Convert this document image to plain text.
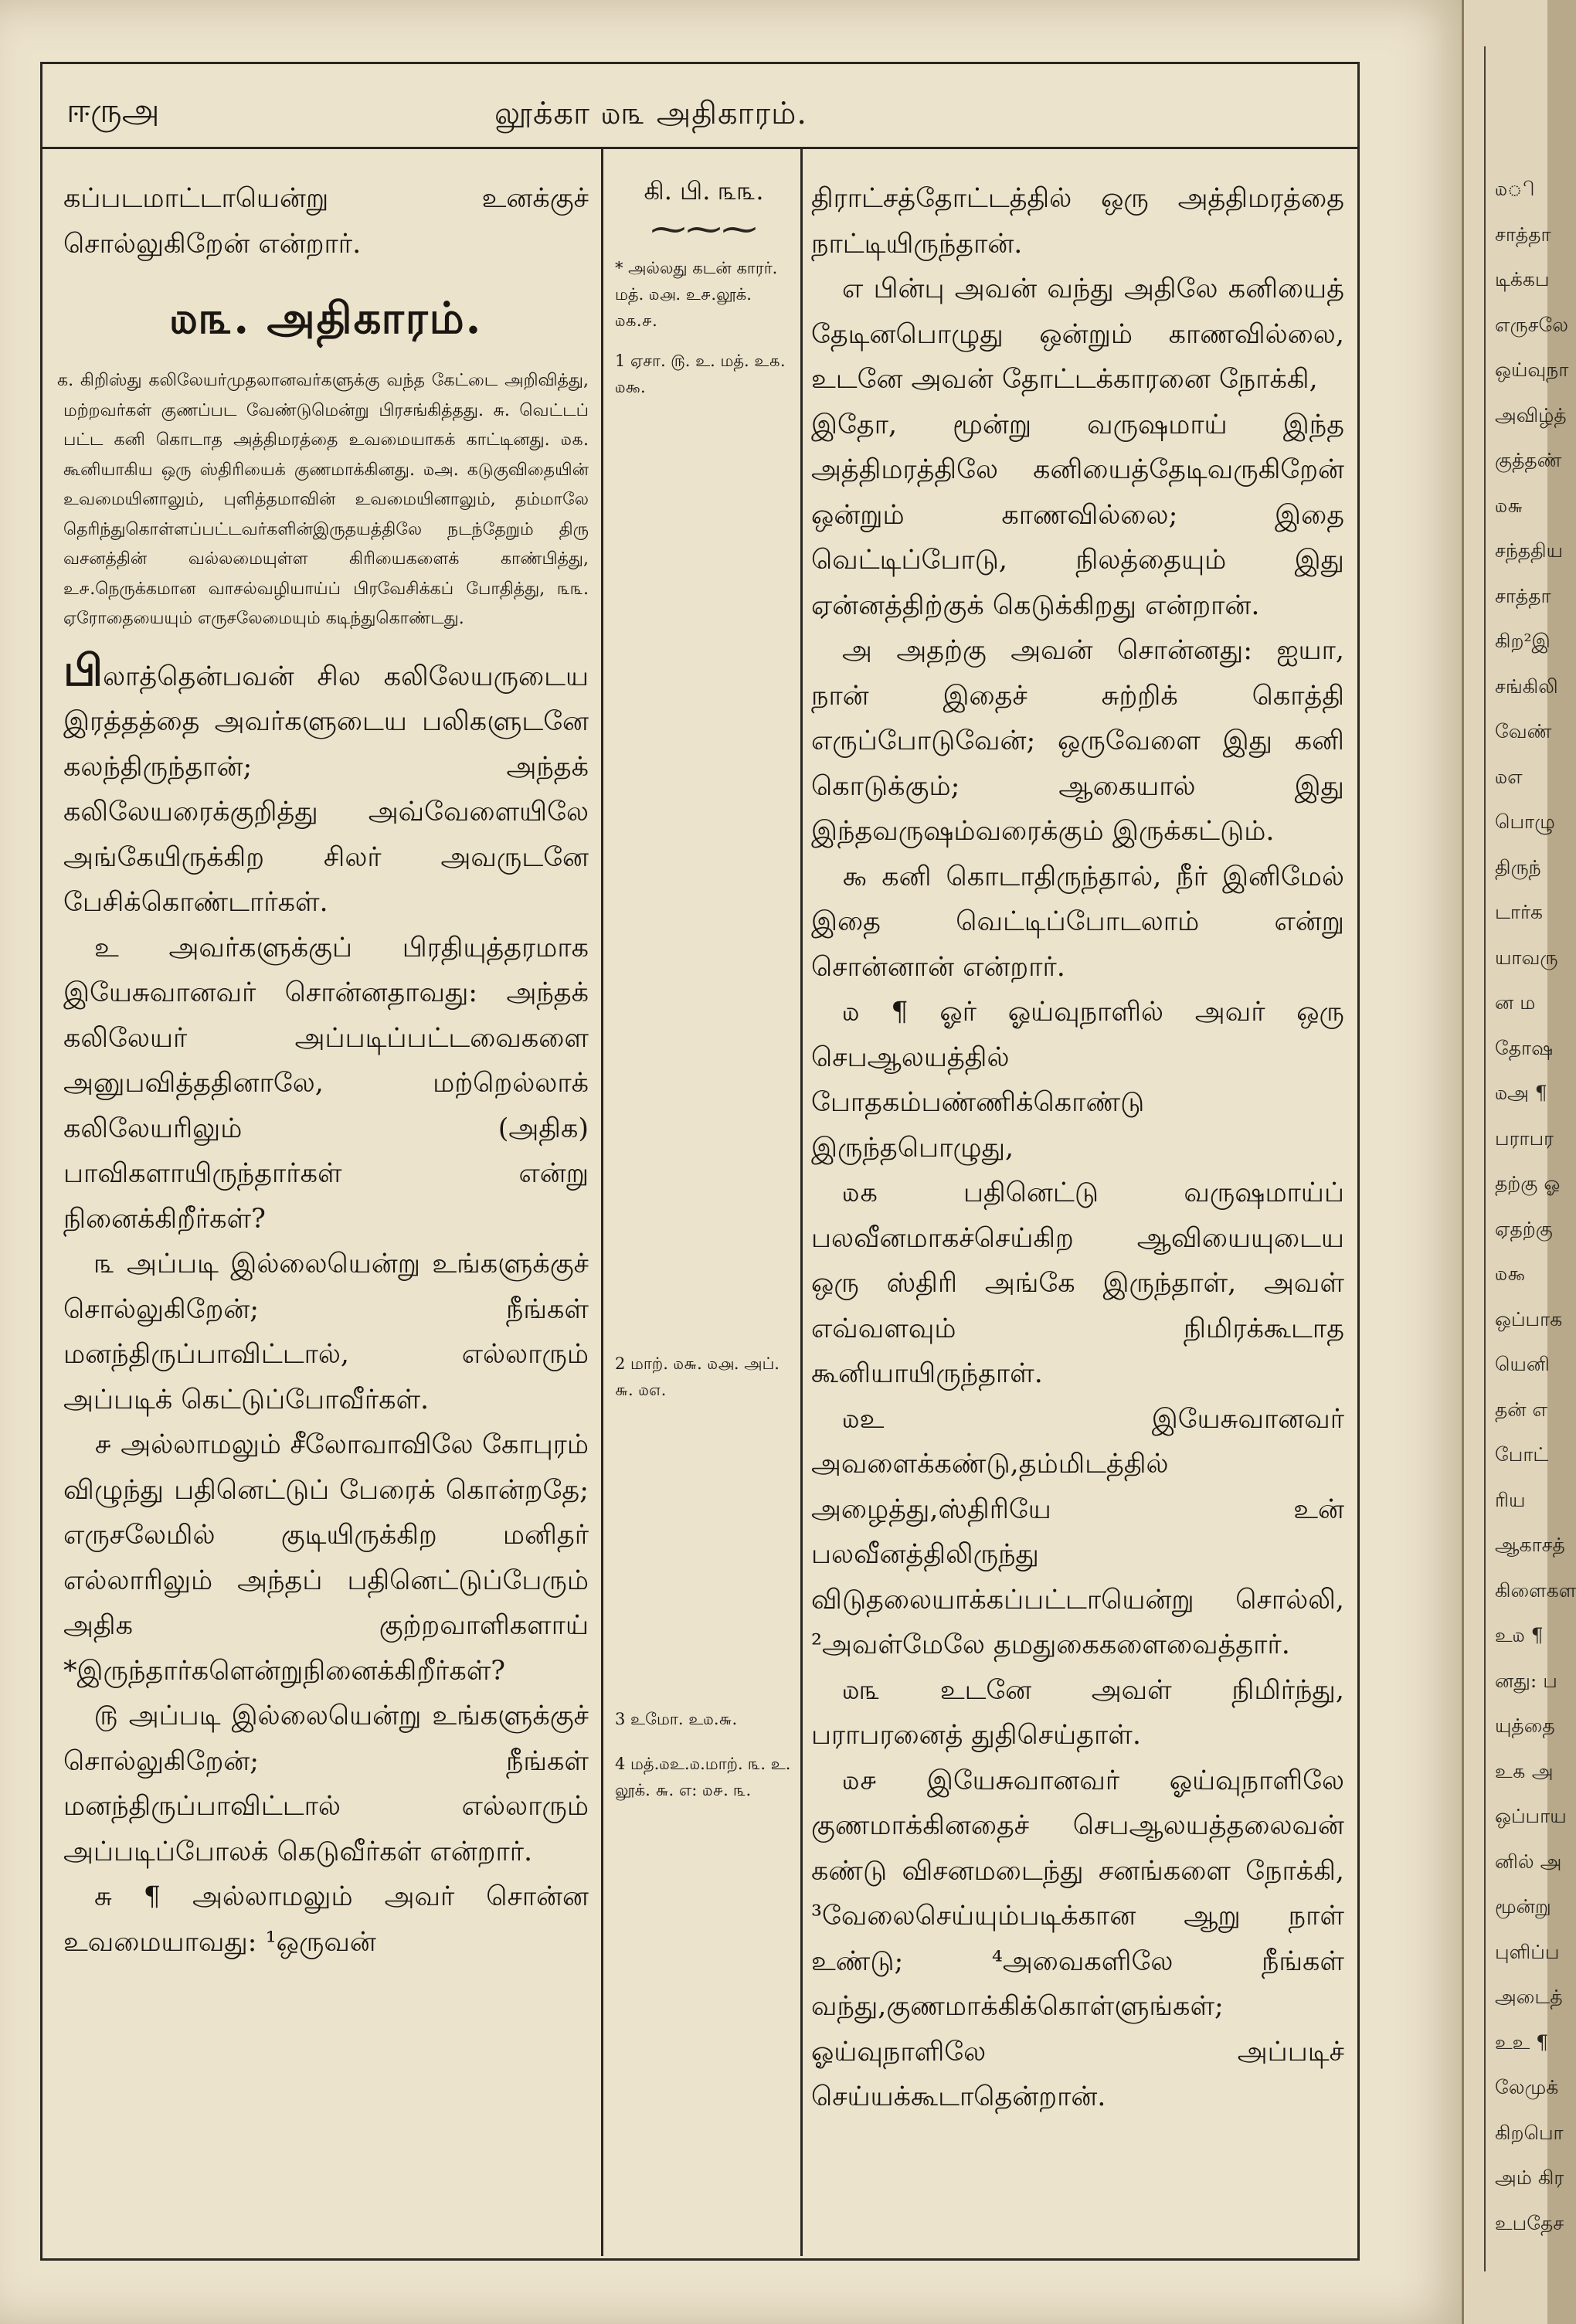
ஈருஅ	லூக்கா ௰௩ அதிகாரம்.

கப்படமாட்டாயென்று உனக்குச் சொல்லுகிறேன் என்றார்.

௰௩. அதிகாரம்.

க. கிறிஸ்து கலிலேயர்முதலானவர்களுக்கு வந்த கேட்டை அறிவித்து, மற்றவர்கள் குணப்பட வேண்டுமென்று பிரசங்கித்தது. சு. வெட்டப் பட்ட கனி கொடாத அத்திமரத்தை உவமையாகக் காட்டினது. ௰௧. கூனியாகிய ஒரு ஸ்திரியைக் குணமாக்கினது. ௰அ. கடுகுவிதையின் உவமையினாலும், புளித்தமாவின் உவமையினாலும், தம்மாலே தெரிந்துகொள்ளப்பட்டவர்களின்இருதயத்திலே நடந்தேறும் திரு வசனத்தின் வல்லமையுள்ள கிரியைகளைக் காண்பித்து, உ௪.நெருக்கமான வாசல்வழியாய்ப் பிரவேசிக்கப் போதித்து, ௩௩. ஏரோதையையும் எருசலேமையும் கடிந்துகொண்டது.

பிலாத்தென்பவன் சில கலிலேயருடைய இரத்தத்தை அவர்களுடைய பலிகளுடனே கலந்திருந்தான்; அந்தக் கலிலேயரைக்குறித்து அவ்வேளையிலே அங்கேயிருக்கிற சிலர் அவருடனே பேசிக்கொண்டார்கள்.

உ அவர்களுக்குப் பிரதியுத்தரமாக இயேசுவானவர் சொன்னதாவது: அந்தக் கலிலேயர் அப்படிப்பட்டவைகளை அனுபவித்ததினாலே, மற்றெல்லாக் கலிலேயரிலும் (அதிக) பாவிகளாயிருந்தார்கள் என்று நினைக்கிறீர்கள்?

௩ அப்படி இல்லையென்று உங்களுக்குச் சொல்லுகிறேன்; நீங்கள் மனந்திருப்பாவிட்டால், எல்லாரும் அப்படிக் கெட்டுப்போவீர்கள்.

௪ அல்லாமலும் சீலோவாவிலே கோபுரம் விழுந்து பதினெட்டுப் பேரைக் கொன்றதே; எருசலேமில் குடியிருக்கிற மனிதர் எல்லாரிலும் அந்தப் பதினெட்டுப்பேரும் அதிக குற்றவாளிகளாய் *இருந்தார்களென்றுநினைக்கிறீர்கள்?

௫ அப்படி இல்லையென்று உங்களுக்குச் சொல்லுகிறேன்; நீங்கள் மனந்திருப்பாவிட்டால் எல்லாரும் அப்படிப்போலக் கெடுவீர்கள் என்றார்.

சு ¶ அல்லாமலும் அவர் சொன்ன உவமையாவது: ¹ஒருவன்

கி. பி. ௩௩.
⁓⁓⁓

* அல்லது கடன் காரர். மத். ௰௮. உ௪.லூக். ௰௧.௪.

1 ஏசா. ௫. உ. மத். உ௧. ௰௯.

2 மாற். ௰௬. ௰௮. அப். ௬. ௰௭.

3 உமோ. உ௰.௬.

4 மத்.௰உ.௰.மாற். ௩. உ. லூக். ௬. எ: ௰௪. ௩.

திராட்சத்தோட்டத்தில் ஒரு அத்திமரத்தை நாட்டியிருந்தான்.

எ பின்பு அவன் வந்து அதிலே கனியைத் தேடினபொழுது ஒன்றும் காணவில்லை, உடனே அவன் தோட்டக்காரனை நோக்கி,

இதோ, மூன்று வருஷமாய் இந்த அத்திமரத்திலே கனியைத்தேடிவருகிறேன் ஒன்றும் காணவில்லை; இதை வெட்டிப்போடு, நிலத்தையும் இது ஏன்னத்திற்குக் கெடுக்கிறது என்றான்.

அ அதற்கு அவன் சொன்னது: ஐயா, நான் இதைச் சுற்றிக் கொத்தி எருப்போடுவேன்; ஒருவேளை இது கனி கொடுக்கும்; ஆகையால் இது இந்தவருஷம்வரைக்கும் இருக்கட்டும்.

௯ கனி கொடாதிருந்தால், நீர் இனிமேல் இதை வெட்டிப்போடலாம் என்று சொன்னான் என்றார்.

௰ ¶ ஓர் ஓய்வுநாளில் அவர் ஒரு செபஆலயத்தில் போதகம்பண்ணிக்கொண்டு இருந்தபொழுது,

௰௧ பதினெட்டு வருஷமாய்ப் பலவீனமாகச்செய்கிற ஆவியையுடைய ஒரு ஸ்திரி அங்கே இருந்தாள், அவள் எவ்வளவும் நிமிரக்கூடாத கூனியாயிருந்தாள்.

௰உ இயேசுவானவர் அவளைக்கண்டு,தம்மிடத்தில் அழைத்து,ஸ்திரியே உன் பலவீனத்திலிருந்து விடுதலையாக்கப்பட்டாயென்று சொல்லி, ²அவள்மேலே தமதுகைகளைவைத்தார்.

௰௩ உடனே அவள் நிமிர்ந்து, பராபரனைத் துதிசெய்தாள்.

௰௪ இயேசுவானவர் ஓய்வுநாளிலே குணமாக்கினதைச் செபஆலயத்தலைவன் கண்டு விசனமடைந்து சனங்களை நோக்கி, ³வேலைசெய்யும்படிக்கான ஆறு நாள் உண்டு; ⁴அவைகளிலே நீங்கள் வந்து,குணமாக்கிக்கொள்ளுங்கள்; ஓய்வுநாளிலே அப்படிச் செய்யக்கூடாதென்றான்.

௰ி
சாத்தா
டிக்கப
எருசலே
ஒய்வுநா
அவிழ்த்
குத்தண்
௰௬
சந்ததிய
சாத்தா
கிற²இ
சங்கிலி
வேண்
௰எ
பொழு
திருந்
டார்க
யாவரு
ன ம
தோஷ
௰அ ¶
பராபர
தற்கு ஓ
ஏதற்கு
௰௯
ஒப்பாக
யெனி
தன் எ
போட்
ரிய
ஆகாசத்
கிளைகள
உ௰ ¶
னது: ப
யுத்தை
உ௧ அ
ஒப்பாய
னில் அ
மூன்று
புளிப்ப
அடைத்
உஉ ¶
லேமுக்
கிறபொ
அம் கிர
உபதேச
